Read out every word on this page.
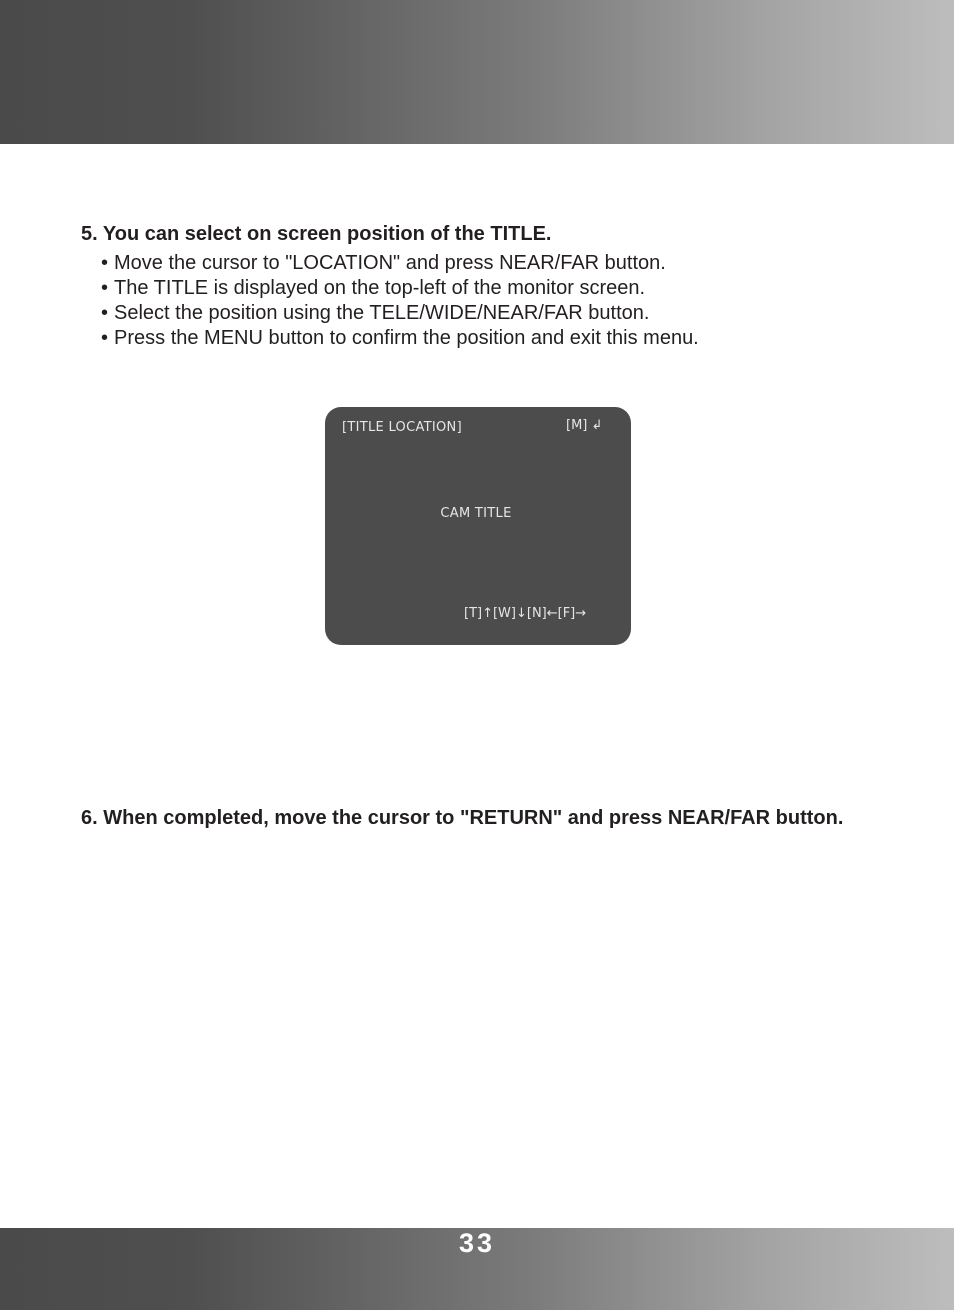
5. You can select on screen position of the TITLE.
• Move the cursor to "LOCATION" and press NEAR/FAR button.
• The TITLE is displayed on the top-left of the monitor screen.
• Select the position using the TELE/WIDE/NEAR/FAR button.
• Press the MENU button to confirm the position and exit this menu.
[TITLE LOCATION]	[M] ↲
CAM TITLE
[T]↑[W]↓[N]←[F]→
6. When completed, move the cursor to "RETURN" and press NEAR/FAR button.
33
